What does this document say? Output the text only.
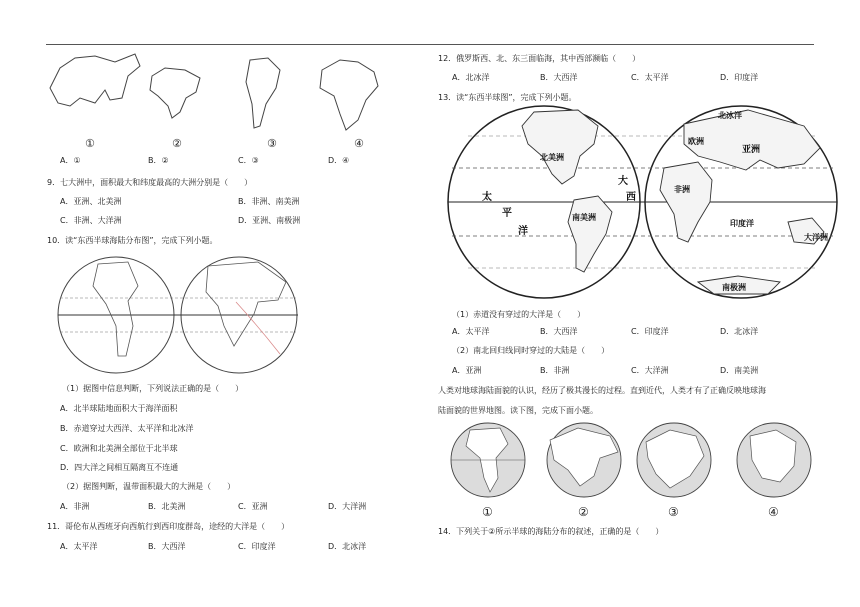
①	②	③	④
A．①	B．②	C．③	D．④
9．七大洲中，面积最大和纬度最高的大洲分别是（　　）
A．亚洲、北美洲	B．非洲、南美洲
C．非洲、大洋洲	D．亚洲、南极洲
10．读“东西半球海陆分布图”，完成下列小题。
（1）据图中信息判断，下列说法正确的是（　　）
A．北半球陆地面积大于海洋面积
B．赤道穿过大西洋、太平洋和北冰洋
C．欧洲和北美洲全部位于北半球
D．四大洋之间相互隔离互不连通
（2）据图判断，温带面积最大的大洲是（　　）
A．非洲	B．北美洲	C．亚洲	D．大洋洲
11．哥伦布从西班牙向西航行到西印度群岛，途经的大洋是（　　）
A．太平洋	B．大西洋	C．印度洋	D．北冰洋
12．俄罗斯西、北、东三面临海，其中西部濒临（　　）
A．北冰洋	B．大西洋	C．太平洋	D．印度洋
13．读“东西半球图”，完成下列小题。
北美洲
南美洲
太
平
洋
大
西
北冰洋
欧洲
亚洲
非洲
印度洋
大洋洲
南极洲
（1）赤道没有穿过的大洋是（　　）
A．太平洋	B．大西洋	C．印度洋	D．北冰洋
（2）南北回归线同时穿过的大陆是（　　）
A．亚洲	B．非洲	C．大洋洲	D．南美洲
人类对地球海陆面貌的认识，经历了极其漫长的过程。直到近代，人类才有了正确反映地球海
陆面貌的世界地图。读下图，完成下面小题。
①	②	③	④
14．下列关于②所示半球的海陆分布的叙述，正确的是（　　）
